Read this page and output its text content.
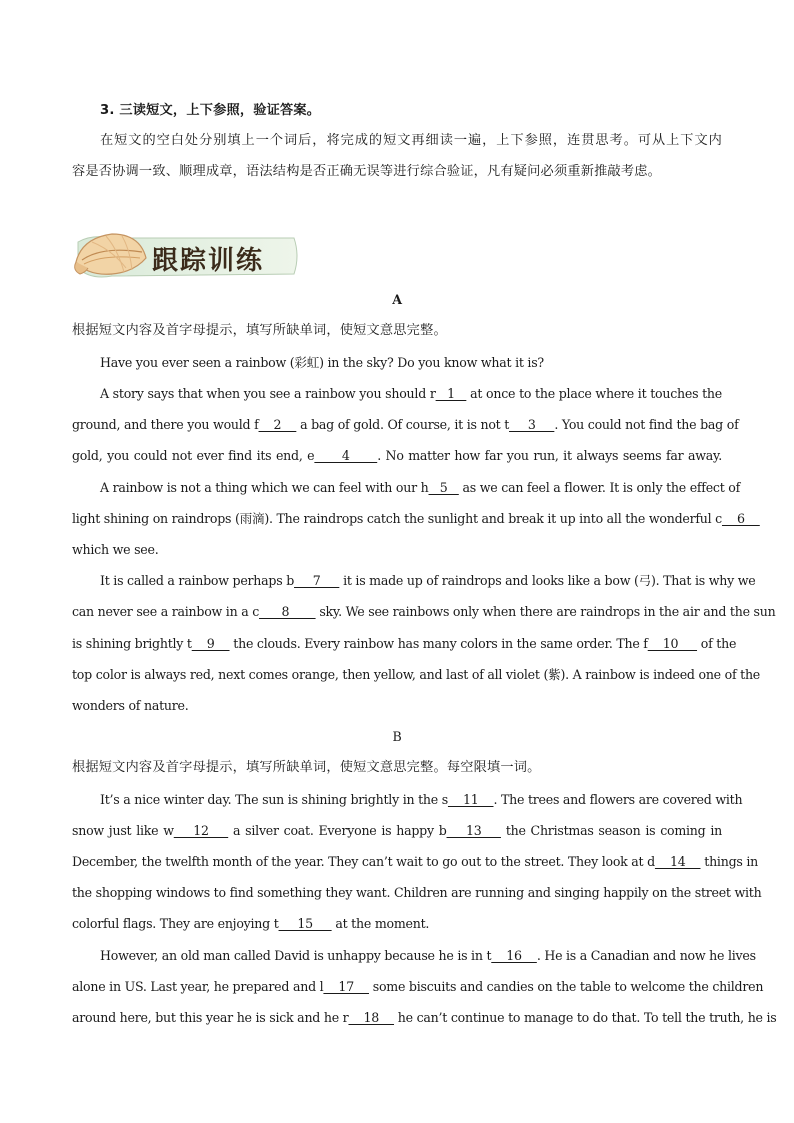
3. 三读短文，上下参照，验证答案。
在短文的空白处分别填上一个词后，将完成的短文再细读一遍，上下参照，连贯思考。可从上下文内
容是否协调一致、顺理成章，语法结构是否正确无误等进行综合验证，凡有疑问必须重新推敲考虑。
跟踪训练
A
根据短文内容及首字母提示，填写所缺单词，使短文意思完整。
Have you ever seen a rainbow (彩虹) in the sky? Do you know what it is?
A story says that when you see a rainbow you should r   1    at once to the place where it touches the
ground, and there you would f    2     a bag of gold. Of course, it is not t     3     . You could not find the bag of
gold, you could not ever find its end, e      4      . No matter how far you run, it always seems far away.
A rainbow is not a thing which we can feel with our h   5    as we can feel a flower. It is only the effect of
light shining on raindrops (雨滴). The raindrops catch the sunlight and break it up into all the wonderful c    6
which we see.
It is called a rainbow perhaps b     7      it is made up of raindrops and looks like a bow (弓). That is why we
can never see a rainbow in a c      8        sky. We see rainbows only when there are raindrops in the air and the sun
is shining brightly t    9     the clouds. Every rainbow has many colors in the same order. The f    10      of the
top color is always red, next comes orange, then yellow, and last of all violet (紫). A rainbow is indeed one of the
wonders of nature.
B
根据短文内容及首字母提示，填写所缺单词，使短文意思完整。每空限填一词。
It’s a nice winter day. The sun is shining brightly in the s    11    . The trees and flowers are covered with
snow just like w    12     a silver coat. Everyone is happy b    13     the Christmas season is coming in
December, the twelfth month of the year. They can’t wait to go out to the street. They look at d    14     things in
the shopping windows to find something they want. Children are running and singing happily on the street with
colorful flags. They are enjoying t     15      at the moment.
However, an old man called David is unhappy because he is in t    16    . He is a Canadian and now he lives
alone in US. Last year, he prepared and l    17     some biscuits and candies on the table to welcome the children
around here, but this year he is sick and he r    18     he can’t continue to manage to do that. To tell the truth, he is
